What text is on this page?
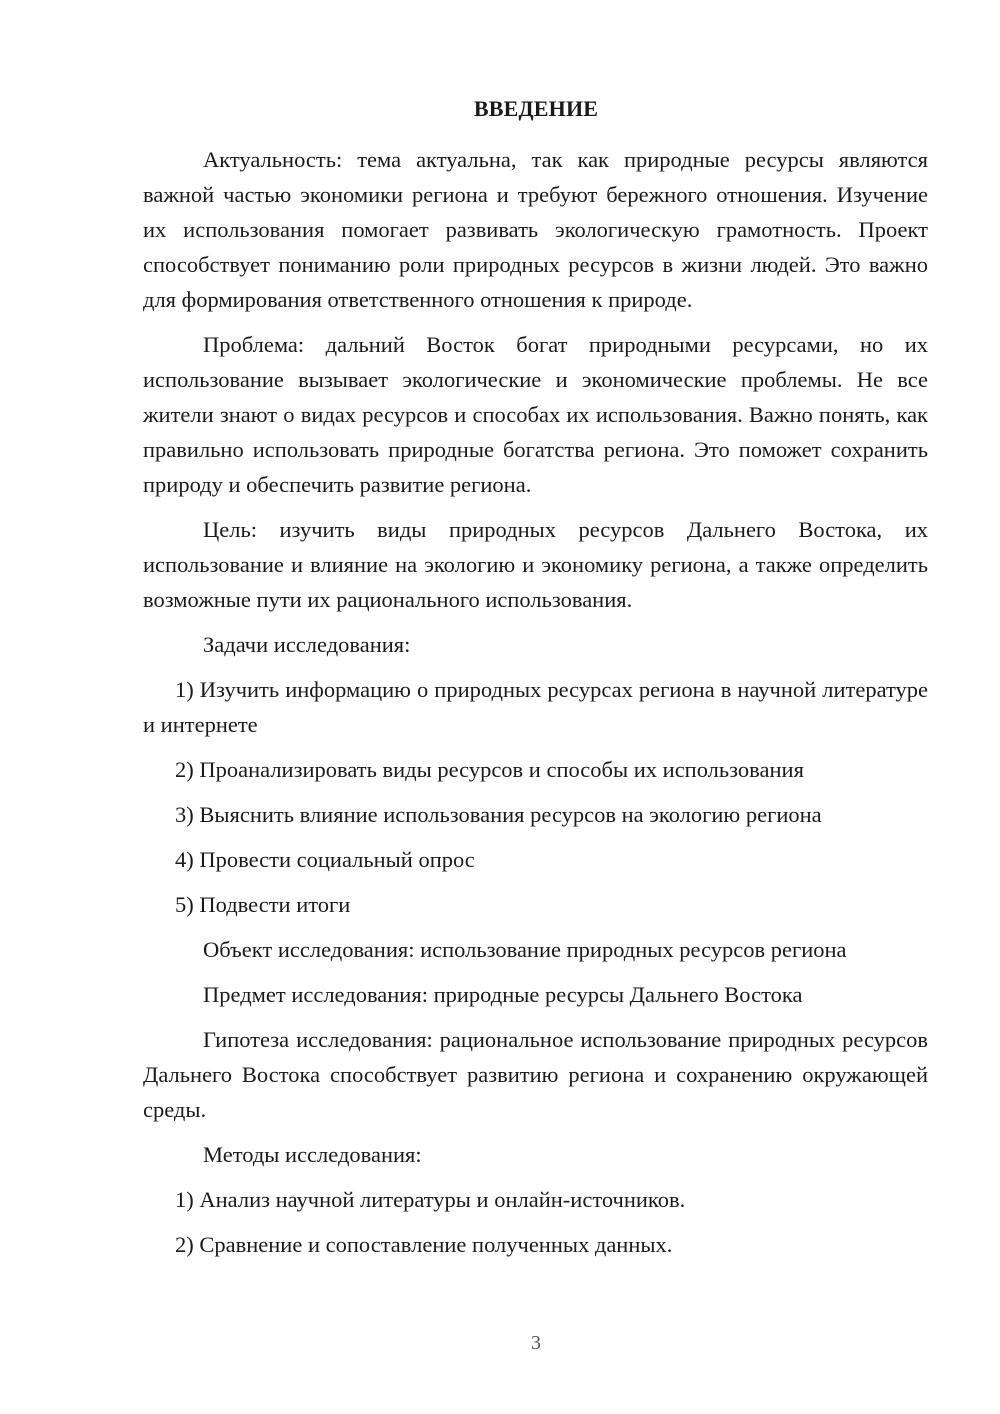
ВВЕДЕНИЕ

Актуальность: тема актуальна, так как природные ресурсы являются важной частью экономики региона и требуют бережного отношения. Изучение их использования помогает развивать экологическую грамотность. Проект способствует пониманию роли природных ресурсов в жизни людей. Это важно для формирования ответственного отношения к природе.

Проблема: дальний Восток богат природными ресурсами, но их использование вызывает экологические и экономические проблемы. Не все жители знают о видах ресурсов и способах их использования. Важно понять, как правильно использовать природные богатства региона. Это поможет сохранить природу и обеспечить развитие региона.

Цель: изучить виды природных ресурсов Дальнего Востока, их использование и влияние на экологию и экономику региона, а также определить возможные пути их рационального использования.

Задачи исследования:

1) Изучить информацию о природных ресурсах региона в научной литературе и интернете

2) Проанализировать виды ресурсов и способы их использования

3) Выяснить влияние использования ресурсов на экологию региона

4) Провести социальный опрос

5) Подвести итоги

Объект исследования: использование природных ресурсов региона

Предмет исследования: природные ресурсы Дальнего Востока

Гипотеза исследования: рациональное использование природных ресурсов Дальнего Востока способствует развитию региона и сохранению окружающей среды.

Методы исследования:

1) Анализ научной литературы и онлайн-источников.

2) Сравнение и сопоставление полученных данных.

3
